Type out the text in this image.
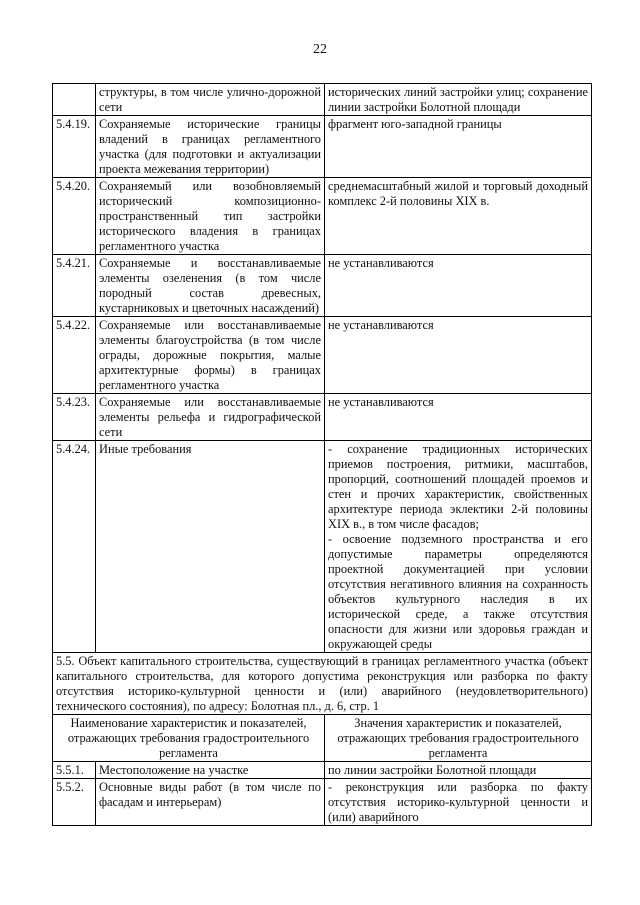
22
	структуры, в том числе улично-дорожной сети	исторических линий застройки улиц; сохранение линии застройки Болотной площади

5.4.19.	Сохраняемые исторические границы владений в границах регламентного участка (для подготовки и актуализации проекта межевания территории)	фрагмент юго-западной границы

5.4.20.	Сохраняемый или возобновляемый исторический композиционно-пространственный тип застройки исторического владения в границах регламентного участка	среднемасштабный жилой и торговый доходный комплекс 2-й половины XIX в.

5.4.21.	Сохраняемые и восстанавливаемые элементы озеленения (в том числе породный состав древесных, кустарниковых и цветочных насаждений)	не устанавливаются

5.4.22.	Сохраняемые или восстанавливаемые элементы благоустройства (в том числе ограды, дорожные покрытия, малые архитектурные формы) в границах регламентного участка	не устанавливаются

5.4.23.	Сохраняемые или восстанавливаемые элементы рельефа и гидрографической сети	не устанавливаются

5.4.24.	Иные требования	- сохранение традиционных исторических приемов построения, ритмики, масштабов, пропорций, соотношений площадей проемов и стен и прочих характеристик, свойственных архитектуре периода эклектики 2-й половины XIX в., в том числе фасадов;

- освоение подземного пространства и его допустимые параметры определяются проектной документацией при условии отсутствия негативного влияния на сохранность объектов культурного наследия в их исторической среде, а также отсутствия опасности для жизни или здоровья граждан и окружающей среды

5.5. Объект капитального строительства, существующий в границах регламентного участка (объект капитального строительства, для которого допустима реконструкция или разборка по факту отсутствия историко-культурной ценности и (или) аварийного (неудовлетворительного) технического состояния), по адресу: Болотная пл., д. 6, стр. 1		
Наименование характеристик и показателей, отражающих требования градостроительного регламента		Значения характеристик и показателей, отражающих требования градостроительного регламента
5.5.1.	Местоположение на участке	по линии застройки Болотной площади

5.5.2.	Основные виды работ (в том числе по фасадам и интерьерам)	- реконструкция или разборка по факту отсутствия историко-культурной ценности и (или) аварийного
